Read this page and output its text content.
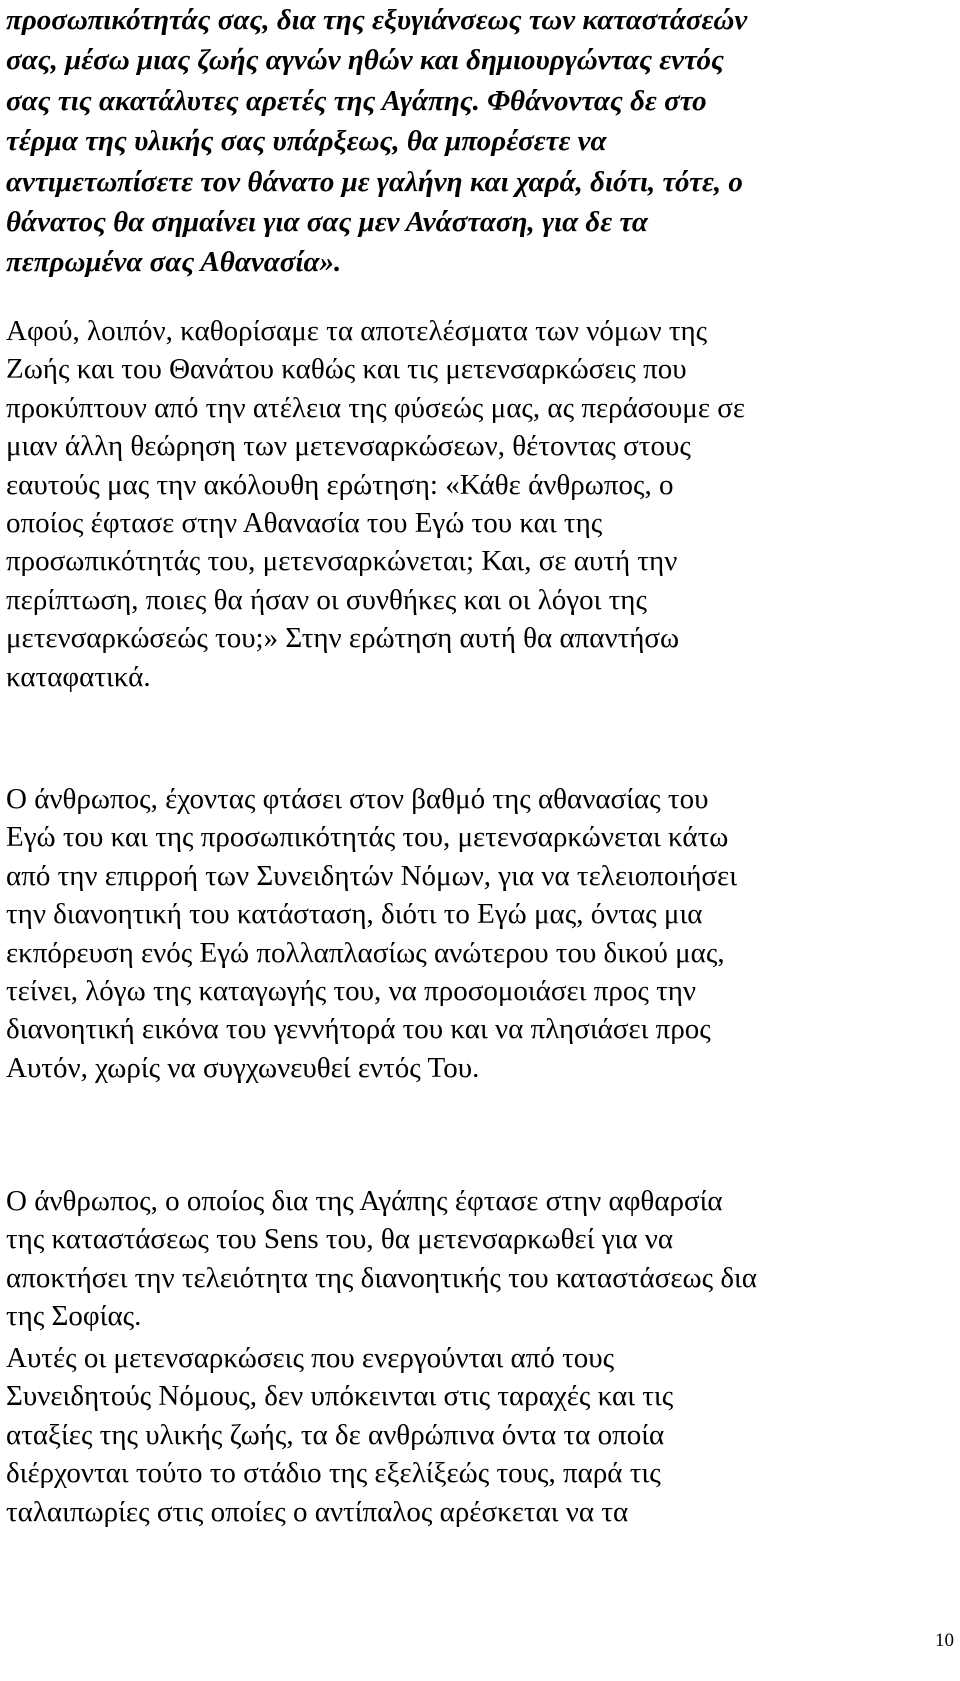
προσωπικότητάς σας, δια της εξυγιάνσεως των καταστάσεών
σας, μέσω μιας ζωής αγνών ηθών και δημιουργώντας εντός
σας τις ακατάλυτες αρετές της Αγάπης. Φθάνοντας δε στο
τέρμα της υλικής σας υπάρξεως, θα μπορέσετε να
αντιμετωπίσετε τον θάνατο με γαλήνη και χαρά, διότι, τότε, ο
θάνατος θα σημαίνει για σας μεν Ανάσταση, για δε τα
πεπρωμένα σας Αθανασία».
Αφού, λοιπόν, καθορίσαμε τα αποτελέσματα των νόμων της
Ζωής και του Θανάτου καθώς και τις μετενσαρκώσεις που
προκύπτουν από την ατέλεια της φύσεώς μας, ας περάσουμε σε
μιαν άλλη θεώρηση των μετενσαρκώσεων, θέτοντας στους
εαυτούς μας την ακόλουθη ερώτηση: «Κάθε άνθρωπος, ο
οποίος έφτασε στην Αθανασία του Εγώ του και της
προσωπικότητάς του, μετενσαρκώνεται; Και, σε αυτή την
περίπτωση, ποιες θα ήσαν οι συνθήκες και οι λόγοι της
μετενσαρκώσεώς του;» Στην ερώτηση αυτή θα απαντήσω
καταφατικά.
Ο άνθρωπος, έχοντας φτάσει στον βαθμό της αθανασίας του
Εγώ του και της προσωπικότητάς του, μετενσαρκώνεται κάτω
από την επιρροή των Συνειδητών Νόμων, για να τελειοποιήσει
την διανοητική του κατάσταση, διότι το Εγώ μας, όντας μια
εκπόρευση ενός Εγώ πολλαπλασίως ανώτερου του δικού μας,
τείνει, λόγω της καταγωγής του, να προσομοιάσει προς την
διανοητική εικόνα του γεννήτορά του και να πλησιάσει προς
Αυτόν, χωρίς να συγχωνευθεί εντός Του.
Ο άνθρωπος, ο οποίος δια της Αγάπης έφτασε στην αφθαρσία
της καταστάσεως του Sens του, θα μετενσαρκωθεί για να
αποκτήσει την τελειότητα της διανοητικής του καταστάσεως δια
της Σοφίας.
Αυτές οι μετενσαρκώσεις που ενεργούνται από τους
Συνειδητούς Νόμους, δεν υπόκεινται στις ταραχές και τις
αταξίες της υλικής ζωής, τα δε ανθρώπινα όντα τα οποία
διέρχονται τούτο το στάδιο της εξελίξεώς τους, παρά τις
ταλαιπωρίες στις οποίες ο αντίπαλος αρέσκεται να τα
10
